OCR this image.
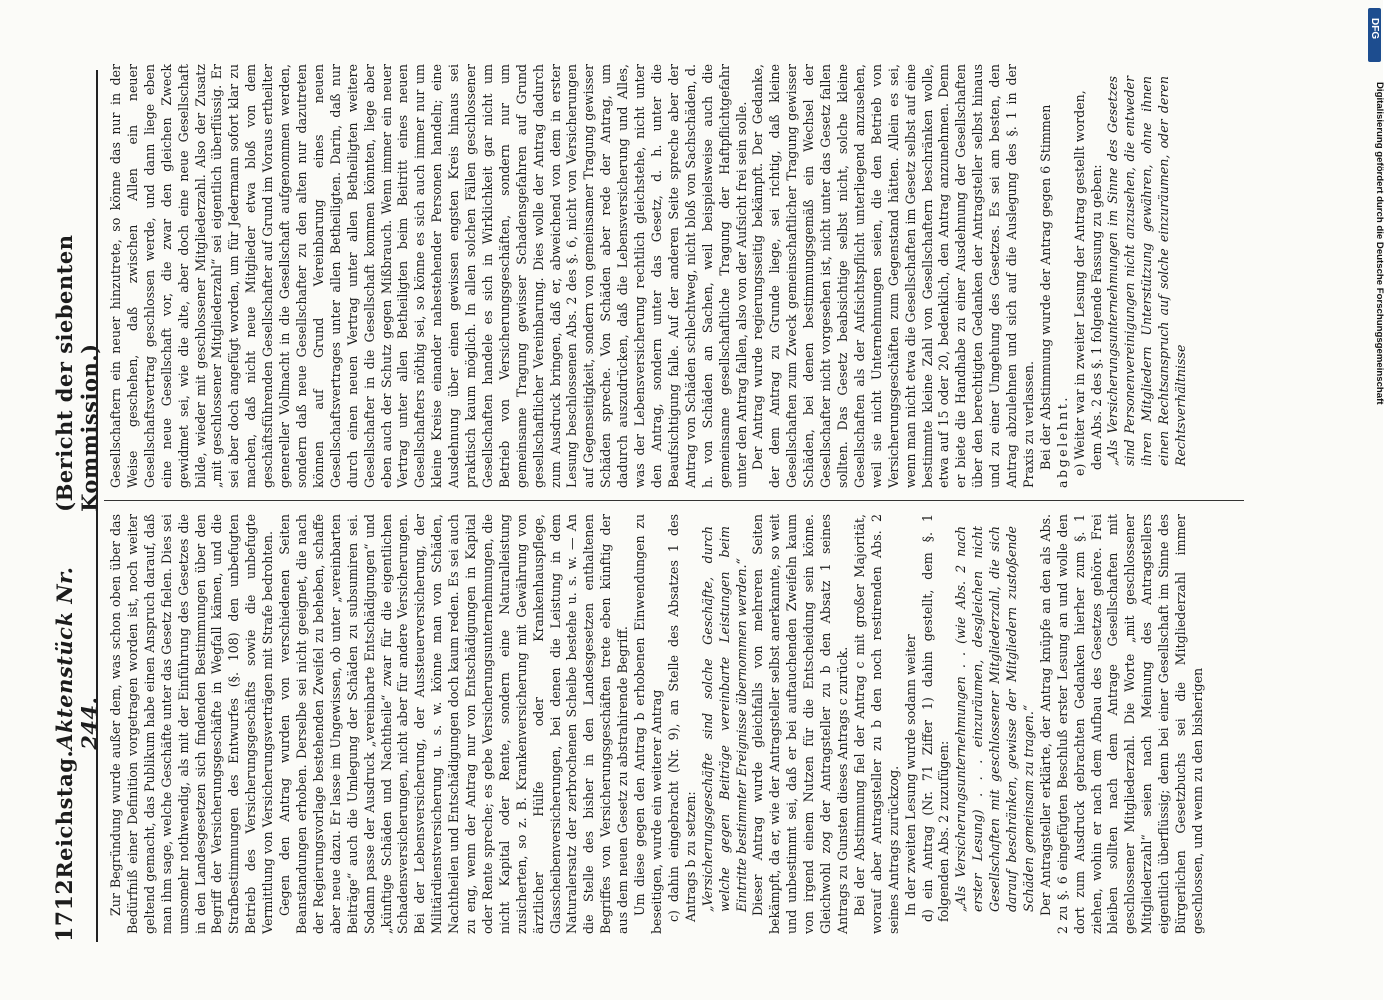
1712
Reichstag.
Aktenstück Nr. 244.
(Bericht der siebenten Kommission.)

Zur Begründung wurde außer dem, was schon oben über das Bedürfniß einer Definition vorgetragen worden ist, noch weiter geltend gemacht, das Publikum habe einen Anspruch darauf, daß man ihm sage, welche Geschäfte unter das Gesetz fielen. Dies sei umsomehr nothwendig, als mit der Einführung des Gesetzes die in den Landesgesetzen sich findenden Bestimmungen über den Begriff der Versicherungsgeschäfte in Wegfall kämen, und die Strafbestimmungen des Entwurfes (§. 108) den unbefugten Betrieb des Versicherungsgeschäfts sowie die unbefugte Vermittlung von Versicherungsverträgen mit Strafe bedrohten. Gegen den Antrag wurden von verschiedenen Seiten Beanstandungen erhoben. Derselbe sei nicht geeignet, die nach der Regierungsvorlage bestehenden Zweifel zu beheben, schaffe aber neue dazu. Er lasse im Ungewissen, ob unter „vereinbarten Beiträge“ auch die Umlegung der Schäden zu subsumiren sei. Sodann passe der Ausdruck „vereinbarte Entschädigungen“ und „künftige Schäden und Nachtheile“ zwar für die eigentlichen Schadensversicherungen, nicht aber für andere Versicherungen. Bei der Lebensversicherung, der Aussteuerversicherung, der Militärdienstversicherung u. s. w. könne man von Schäden, Nachtheilen und Entschädigungen doch kaum reden. Es sei auch zu eng, wenn der Antrag nur von Entschädigungen in Kapital oder Rente spreche; es gebe Versicherungsunternehmungen, die nicht Kapital oder Rente, sondern eine Naturalleistung zusicherten, so z. B. Krankenversicherung mit Gewährung von ärztlicher Hülfe oder Krankenhauspflege, Glasscheibenversicherungen, bei denen die Leistung in dem Naturalersatz der zerbrochenen Scheibe bestehe u. s. w. — An die Stelle des bisher in den Landesgesetzen enthaltenen Begriffes von Versicherungsgeschäften trete eben künftig der aus dem neuen Gesetz zu abstrahirende Begriff. Um diese gegen den Antrag b erhobenen Einwendungen zu beseitigen, wurde ein weiterer Antrag c) dahin eingebracht (Nr. 9), an Stelle des Absatzes 1 des Antrags b zu setzen: „Versicherungsgeschäfte sind solche Geschäfte, durch welche gegen Beiträge vereinbarte Leistungen beim Eintritte bestimmter Ereignisse übernommen werden.“ Dieser Antrag wurde gleichfalls von mehreren Seiten bekämpft, da er, wie der Antragsteller selbst anerkannte, so weit und unbestimmt sei, daß er bei auftauchenden Zweifeln kaum von irgend einem Nutzen für die Entscheidung sein könne. Gleichwohl zog der Antragsteller zu b den Absatz 1 seines Antrags zu Gunsten dieses Antrags c zurück. Bei der Abstimmung fiel der Antrag c mit großer Majorität, worauf aber Antragsteller zu b den noch restirenden Abs. 2 seines Antrags zurückzog. In der zweiten Lesung wurde sodann weiter d) ein Antrag (Nr. 71 Ziffer 1) dahin gestellt, dem §. 1 folgenden Abs. 2 zuzufügen: „Als Versicherungsunternehmungen . . (wie Abs. 2 nach erster Lesung) . . . einzuräumen, desgleichen nicht Gesellschaften mit geschlossener Mitgliederzahl, die sich darauf beschränken, gewisse der Mitgliedern zustoßende Schäden gemeinsam zu tragen.“ Der Antragsteller erklärte, der Antrag knüpfe an den als Abs. 2 zu §. 6 eingefügten Beschluß erster Lesung an und wolle den dort zum Ausdruck gebrachten Gedanken hierher zum §. 1 ziehen, wohin er nach dem Aufbau des Gesetzes gehöre. Frei bleiben sollten nach dem Antrage Gesellschaften mit geschlossener Mitgliederzahl. Die Worte „mit geschlossener Mitgliederzahl“ seien nach Meinung des Antragstellers eigentlich überflüssig; denn bei einer Gesellschaft im Sinne des Bürgerlichen Gesetzbuchs sei die Mitgliederzahl immer geschlossen, und wenn zu den bisherigen

Gesellschaftern ein neuer hinzutrete, so könne das nur in der Weise geschehen, daß zwischen Allen ein neuer Gesellschaftsvertrag geschlossen werde, und dann liege eben eine neue Gesellschaft vor, die zwar den gleichen Zweck gewidmet sei, wie die alte, aber doch eine neue Gesellschaft bilde, wieder mit geschlossener Mitgliederzahl. Also der Zusatz „mit geschlossener Mitgliederzahl“ sei eigentlich überflüssig. Er sei aber doch angefügt worden, um für Jedermann sofort klar zu machen, daß nicht neue Mitglieder etwa bloß von dem geschäftsführenden Gesellschafter auf Grund im Voraus ertheilter genereller Vollmacht in die Gesellschaft aufgenommen werden, sondern daß neue Gesellschafter zu den alten nur dazutreten können auf Grund Vereinbarung eines neuen Gesellschaftsvertrages unter allen Betheiligten. Darin, daß nur durch einen neuen Vertrag unter allen Betheiligten weitere Gesellschafter in die Gesellschaft kommen könnten, liege aber eben auch der Schutz gegen Mißbrauch. Wenn immer ein neuer Vertrag unter allen Betheiligten beim Beitritt eines neuen Gesellschafters nöthig sei, so könne es sich auch immer nur um kleine Kreise einander nahestehender Personen handeln; eine Ausdehnung über einen gewissen engsten Kreis hinaus sei praktisch kaum möglich. In allen solchen Fällen geschlossener Gesellschaften handele es sich in Wirklichkeit gar nicht um Betrieb von Versicherungsgeschäften, sondern nur um gemeinsame Tragung gewisser Schadensgefahren auf Grund gesellschaftlicher Vereinbarung. Dies wolle der Antrag dadurch zum Ausdruck bringen, daß er, abweichend von dem in erster Lesung beschlossenen Abs. 2 des §. 6, nicht von Versicherungen auf Gegenseitigkeit, sondern von gemeinsamer Tragung gewisser Schäden spreche. Von Schäden aber rede der Antrag, um dadurch auszudrücken, daß die Lebensversicherung und Alles, was der Lebensversicherung rechtlich gleichstehe, nicht unter den Antrag, sondern unter das Gesetz, d. h. unter die Beaufsichtigung falle. Auf der anderen Seite spreche aber der Antrag von Schäden schlechtweg, nicht bloß von Sachschäden, d. h. von Schäden an Sachen, weil beispielsweise auch die gemeinsame gesellschaftliche Tragung der Haftpflichtgefahr unter den Antrag fallen, also von der Aufsicht frei sein solle. Der Antrag wurde regierungsseitig bekämpft. Der Gedanke, der dem Antrag zu Grunde liege, sei richtig, daß kleine Gesellschaften zum Zweck gemeinschaftlicher Tragung gewisser Schäden, bei denen bestimmungsgemäß ein Wechsel der Gesellschafter nicht vorgesehen ist, nicht unter das Gesetz fallen sollten. Das Gesetz beabsichtige selbst nicht, solche kleine Gesellschaften als der Aufsichtspflicht unterliegend anzusehen, weil sie nicht Unternehmungen seien, die den Betrieb von Versicherungsgeschäften zum Gegenstand hätten. Allein es sei, wenn man nicht etwa die Gesellschaften im Gesetz selbst auf eine bestimmte kleine Zahl von Gesellschaftern beschränken wolle, etwa auf 15 oder 20, bedenklich, den Antrag anzunehmen. Denn er biete die Handhabe zu einer Ausdehnung der Gesellschaften über den berechtigten Gedanken der Antragsteller selbst hinaus und zu einer Umgehung des Gesetzes. Es sei am besten, den Antrag abzulehnen und sich auf die Auslegung des §. 1 in der Praxis zu verlassen. Bei der Abstimmung wurde der Antrag gegen 6 Stimmen abgelehnt. e) Weiter war in zweiter Lesung der Antrag gestellt worden, dem Abs. 2 des §. 1 folgende Fassung zu geben: „Als Versicherungsunternehmungen im Sinne des Gesetzes sind Personenvereinigungen nicht anzusehen, die entweder ihren Mitgliedern Unterstützung gewähren, ohne ihnen einen Rechtsanspruch auf solche einzuräumen, oder deren Rechtsverhältnisse

Digitalisierung gefördert durch die Deutsche Forschungsgemeinschaft
DFG
